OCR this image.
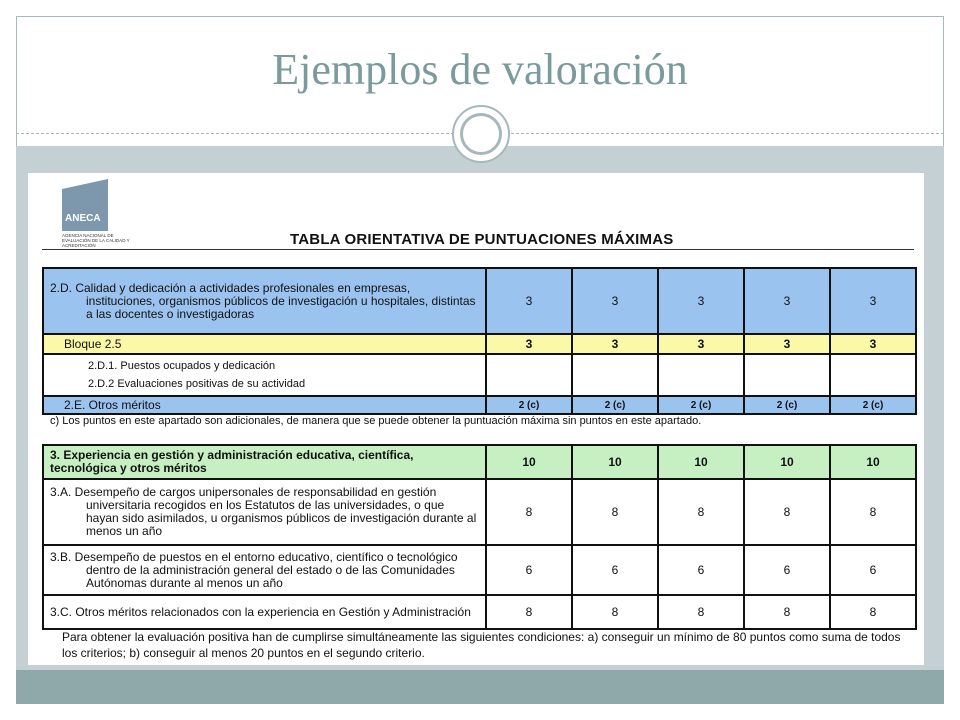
Ejemplos de valoración
ANECA
AGENCIA NACIONAL DE EVALUACIÓN DE LA CALIDAD Y ACREDITACIÓN	TABLA ORIENTATIVA DE PUNTUACIONES MÁXIMAS
2.D. Calidad y dedicación a actividades profesionales en empresas, instituciones, organismos públicos de investigación u hospitales, distintas a las docentes o investigadoras	3	3	3	3	3
Bloque 2.5	3	3	3	3	3

2.D.1. Puestos ocupados y dedicación
2.D.2 Evaluaciones positivas de su actividad					

2.E. Otros méritos	2 (c)	2 (c)	2 (c)	2 (c)	2 (c)
c) Los puntos en este apartado son adicionales, de manera que se puede obtener la puntuación máxima sin puntos en este apartado.
3. Experiencia en gestión y administración educativa, científica, tecnológica y otros méritos	10	10	10	10	10

3.A. Desempeño de cargos unipersonales de responsabilidad en gestión universitaria recogidos en los Estatutos de las universidades, o que hayan sido asimilados, u organismos públicos de investigación durante al menos un año	8	8	8	8	8

3.B. Desempeño de puestos en el entorno educativo, científico o tecnológico dentro de la administración general del estado o de las Comunidades Autónomas durante al menos un año	6	6	6	6	6

3.C. Otros méritos relacionados con la experiencia en Gestión y Administración	8	8	8	8	8
Para obtener la evaluación positiva han de cumplirse simultáneamente las siguientes condiciones: a) conseguir un mínimo de 80 puntos como suma de todos los criterios; b) conseguir al menos 20 puntos en el segundo criterio.
